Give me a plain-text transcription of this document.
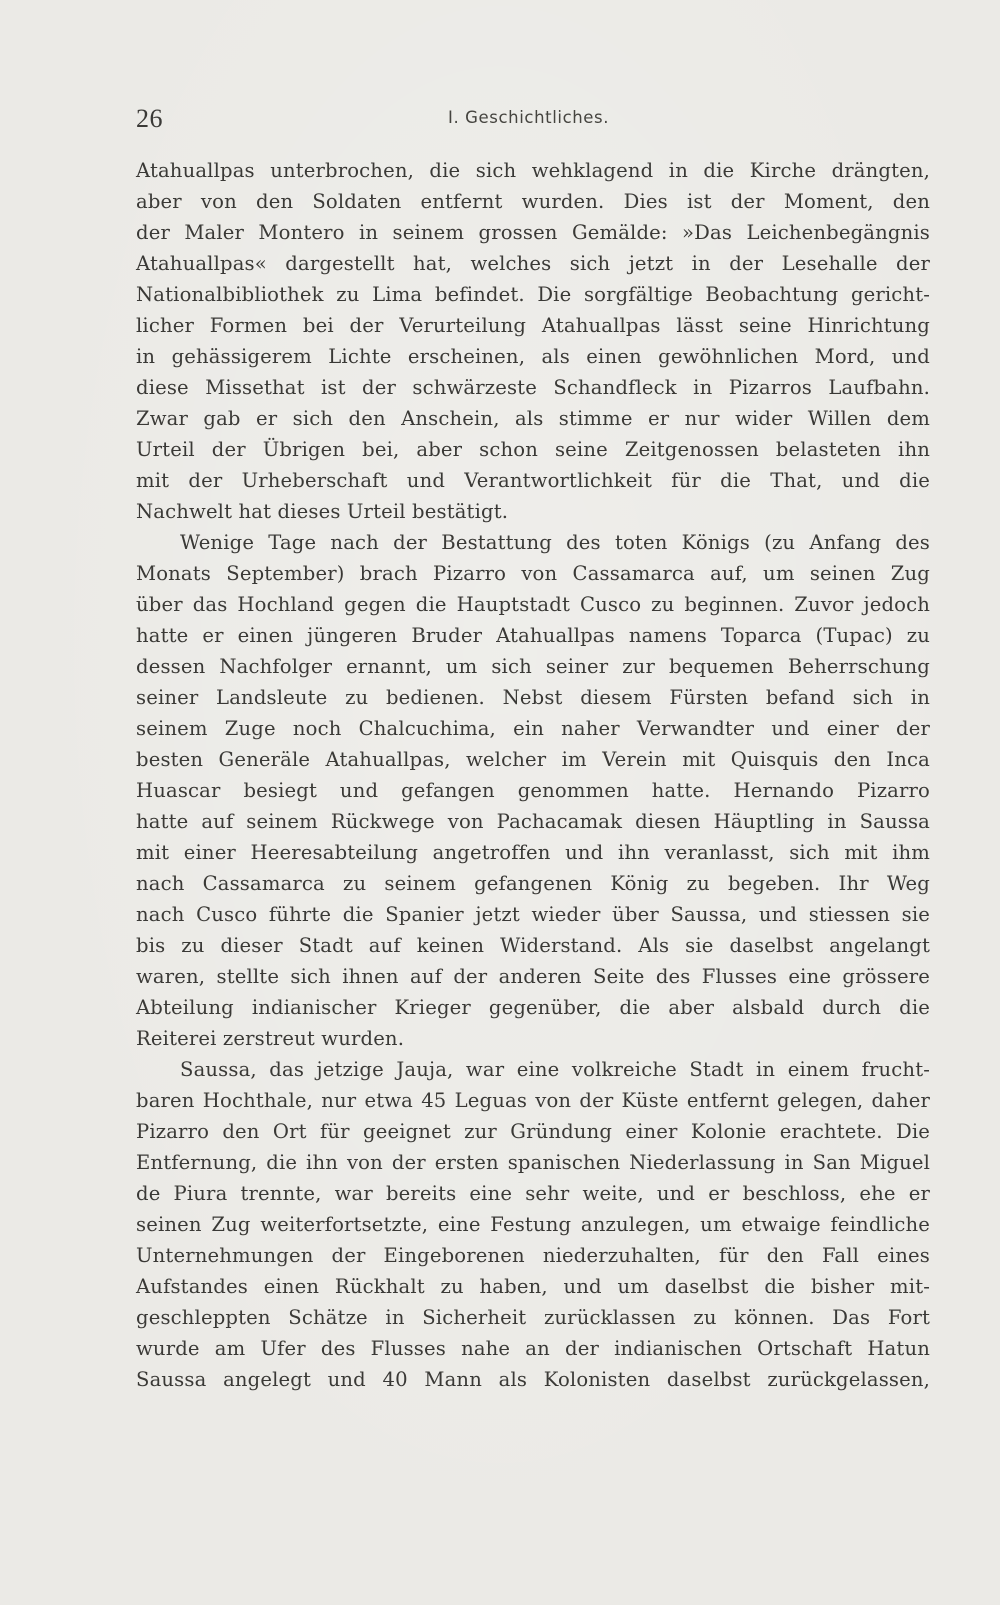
26	I. Geschichtliches.
Atahuallpas unterbrochen, die sich wehklagend in die Kirche drängten,
aber von den Soldaten entfernt wurden. Dies ist der Moment, den
der Maler Montero in seinem grossen Gemälde: »Das Leichenbegängnis
Atahuallpas« dargestellt hat, welches sich jetzt in der Lesehalle der
Nationalbibliothek zu Lima befindet. Die sorgfältige Beobachtung gericht-
licher Formen bei der Verurteilung Atahuallpas lässt seine Hinrichtung
in gehässigerem Lichte erscheinen, als einen gewöhnlichen Mord, und
diese Missethat ist der schwärzeste Schandfleck in Pizarros Laufbahn.
Zwar gab er sich den Anschein, als stimme er nur wider Willen dem
Urteil der Übrigen bei, aber schon seine Zeitgenossen belasteten ihn
mit der Urheberschaft und Verantwortlichkeit für die That, und die
Nachwelt hat dieses Urteil bestätigt.
Wenige Tage nach der Bestattung des toten Königs (zu Anfang des
Monats September) brach Pizarro von Cassamarca auf, um seinen Zug
über das Hochland gegen die Hauptstadt Cusco zu beginnen. Zuvor jedoch
hatte er einen jüngeren Bruder Atahuallpas namens Toparca (Tupac) zu
dessen Nachfolger ernannt, um sich seiner zur bequemen Beherrschung
seiner Landsleute zu bedienen. Nebst diesem Fürsten befand sich in
seinem Zuge noch Chalcuchima, ein naher Verwandter und einer der
besten Generäle Atahuallpas, welcher im Verein mit Quisquis den Inca
Huascar besiegt und gefangen genommen hatte. Hernando Pizarro
hatte auf seinem Rückwege von Pachacamak diesen Häuptling in Saussa
mit einer Heeresabteilung angetroffen und ihn veranlasst, sich mit ihm
nach Cassamarca zu seinem gefangenen König zu begeben. Ihr Weg
nach Cusco führte die Spanier jetzt wieder über Saussa, und stiessen sie
bis zu dieser Stadt auf keinen Widerstand. Als sie daselbst angelangt
waren, stellte sich ihnen auf der anderen Seite des Flusses eine grössere
Abteilung indianischer Krieger gegenüber, die aber alsbald durch die
Reiterei zerstreut wurden.
Saussa, das jetzige Jauja, war eine volkreiche Stadt in einem frucht-
baren Hochthale, nur etwa 45 Leguas von der Küste entfernt gelegen, daher
Pizarro den Ort für geeignet zur Gründung einer Kolonie erachtete. Die
Entfernung, die ihn von der ersten spanischen Niederlassung in San Miguel
de Piura trennte, war bereits eine sehr weite, und er beschloss, ehe er
seinen Zug weiterfortsetzte, eine Festung anzulegen, um etwaige feindliche
Unternehmungen der Eingeborenen niederzuhalten, für den Fall eines
Aufstandes einen Rückhalt zu haben, und um daselbst die bisher mit-
geschleppten Schätze in Sicherheit zurücklassen zu können. Das Fort
wurde am Ufer des Flusses nahe an der indianischen Ortschaft Hatun
Saussa angelegt und 40 Mann als Kolonisten daselbst zurückgelassen,
